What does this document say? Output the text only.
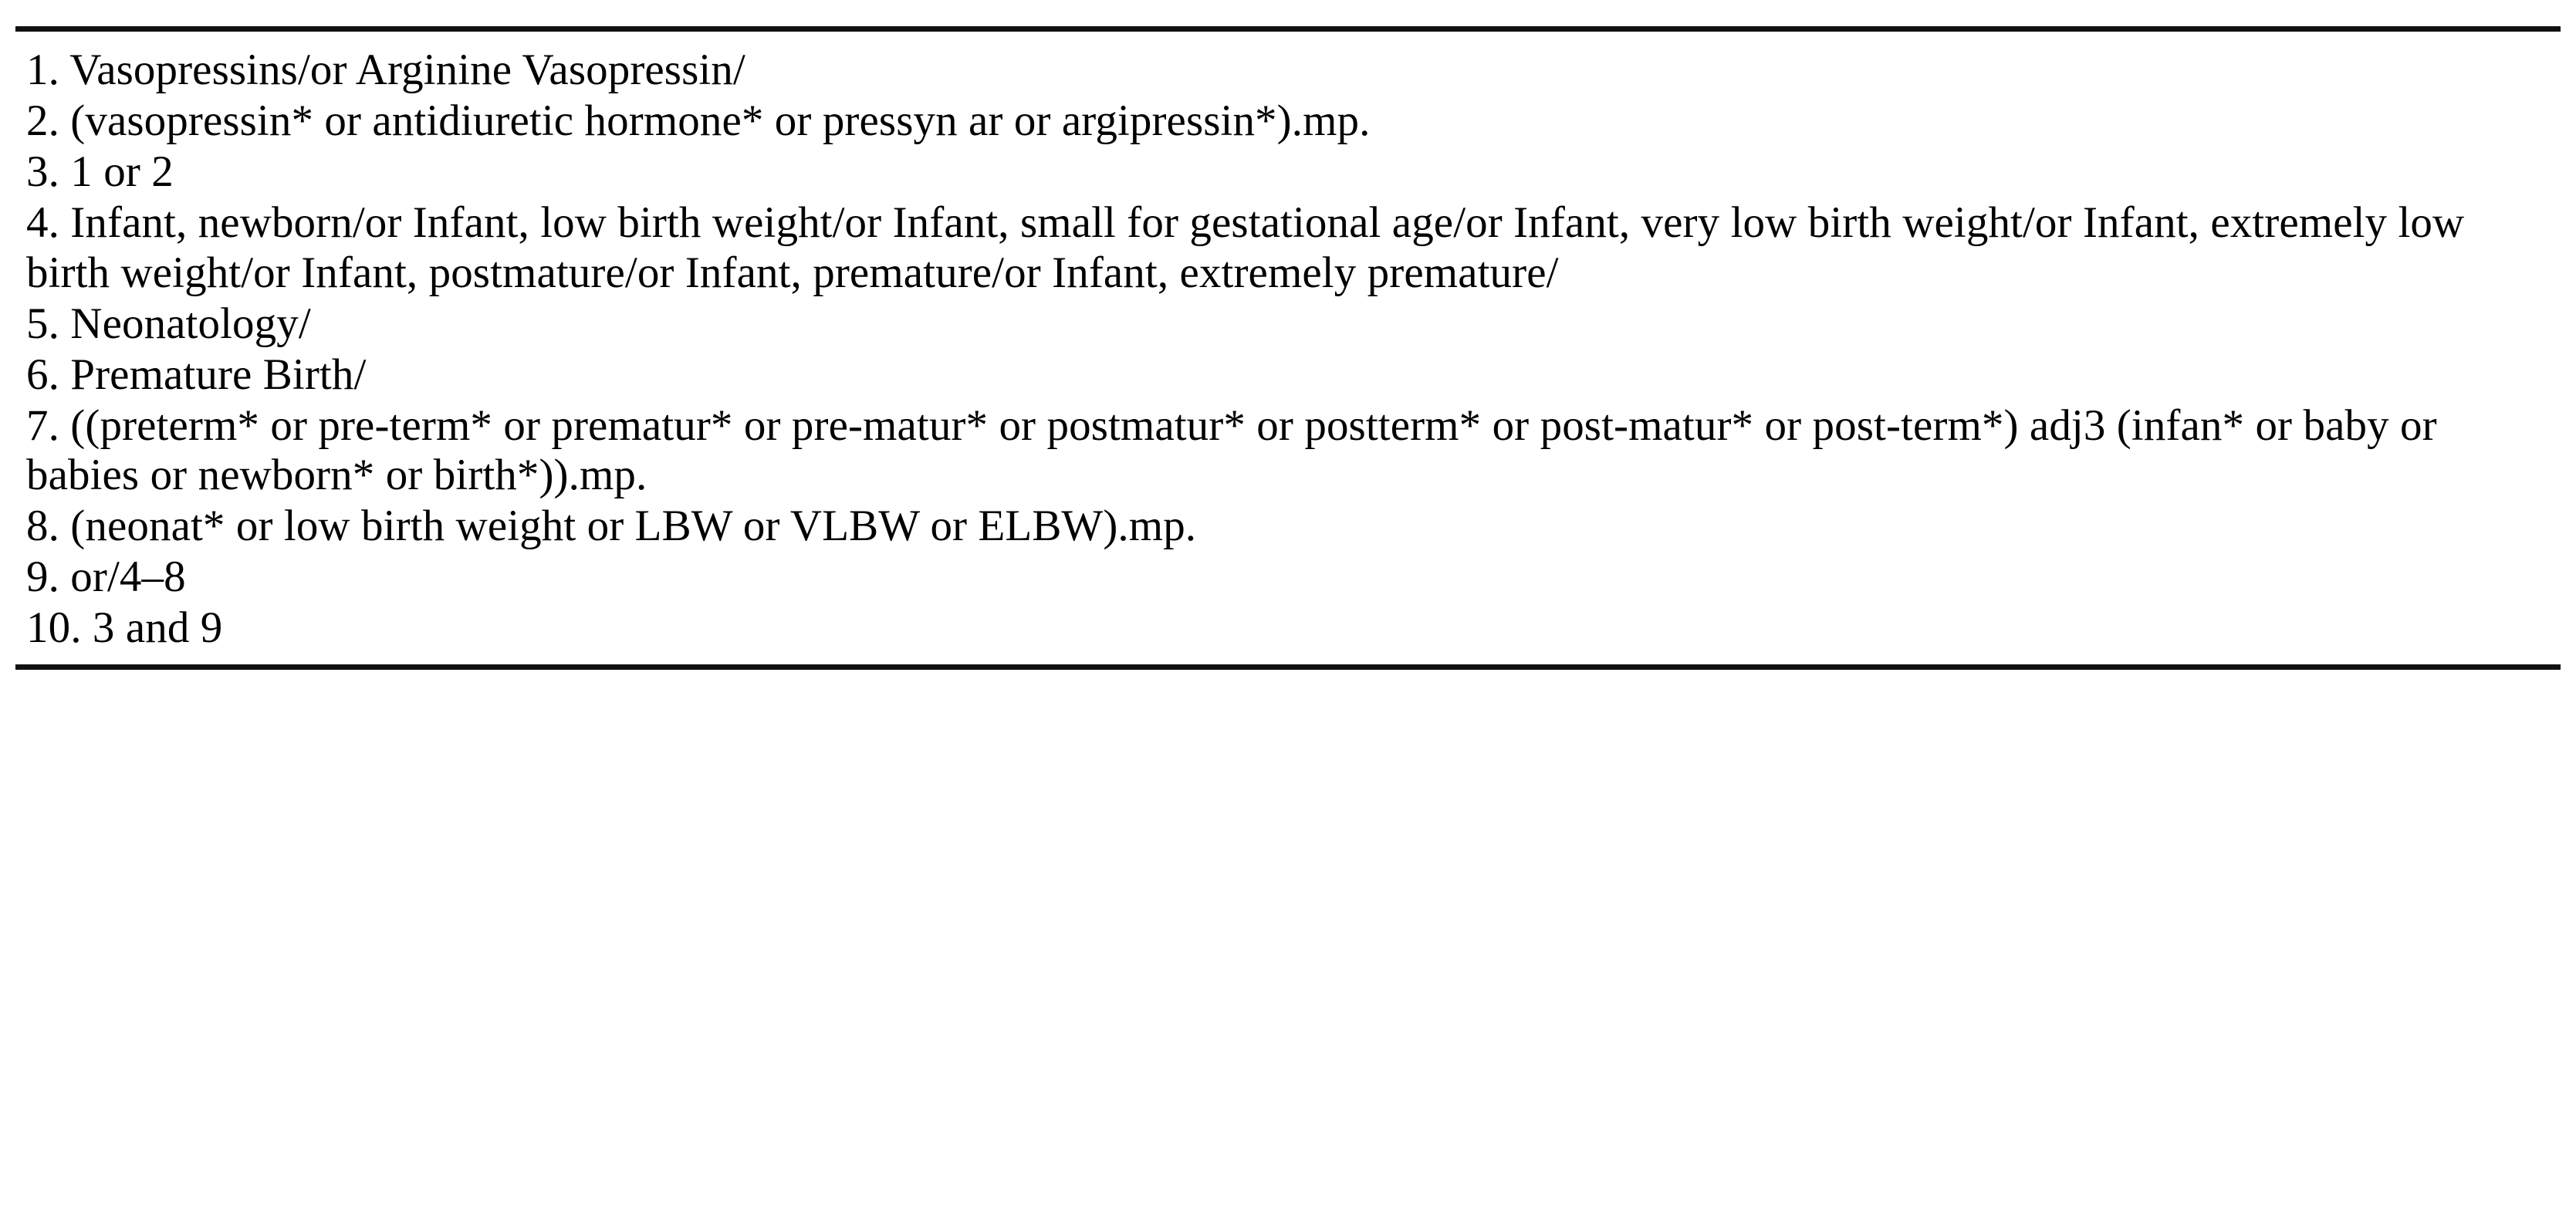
1. Vasopressins/or Arginine Vasopressin/
2. (vasopressin* or antidiuretic hormone* or pressyn ar or argipressin*).mp.
3. 1 or 2
4. Infant, newborn/or Infant, low birth weight/or Infant, small for gestational age/or Infant, very low birth weight/or Infant, extremely low birth weight/or Infant, postmature/or Infant, premature/or Infant, extremely premature/
5. Neonatology/
6. Premature Birth/
7. ((preterm* or pre-term* or prematur* or pre-matur* or postmatur* or postterm* or post-matur* or post-term*) adj3 (infan* or baby or babies or newborn* or birth*)).mp.
8. (neonat* or low birth weight or LBW or VLBW or ELBW).mp.
9. or/4–8
10. 3 and 9
